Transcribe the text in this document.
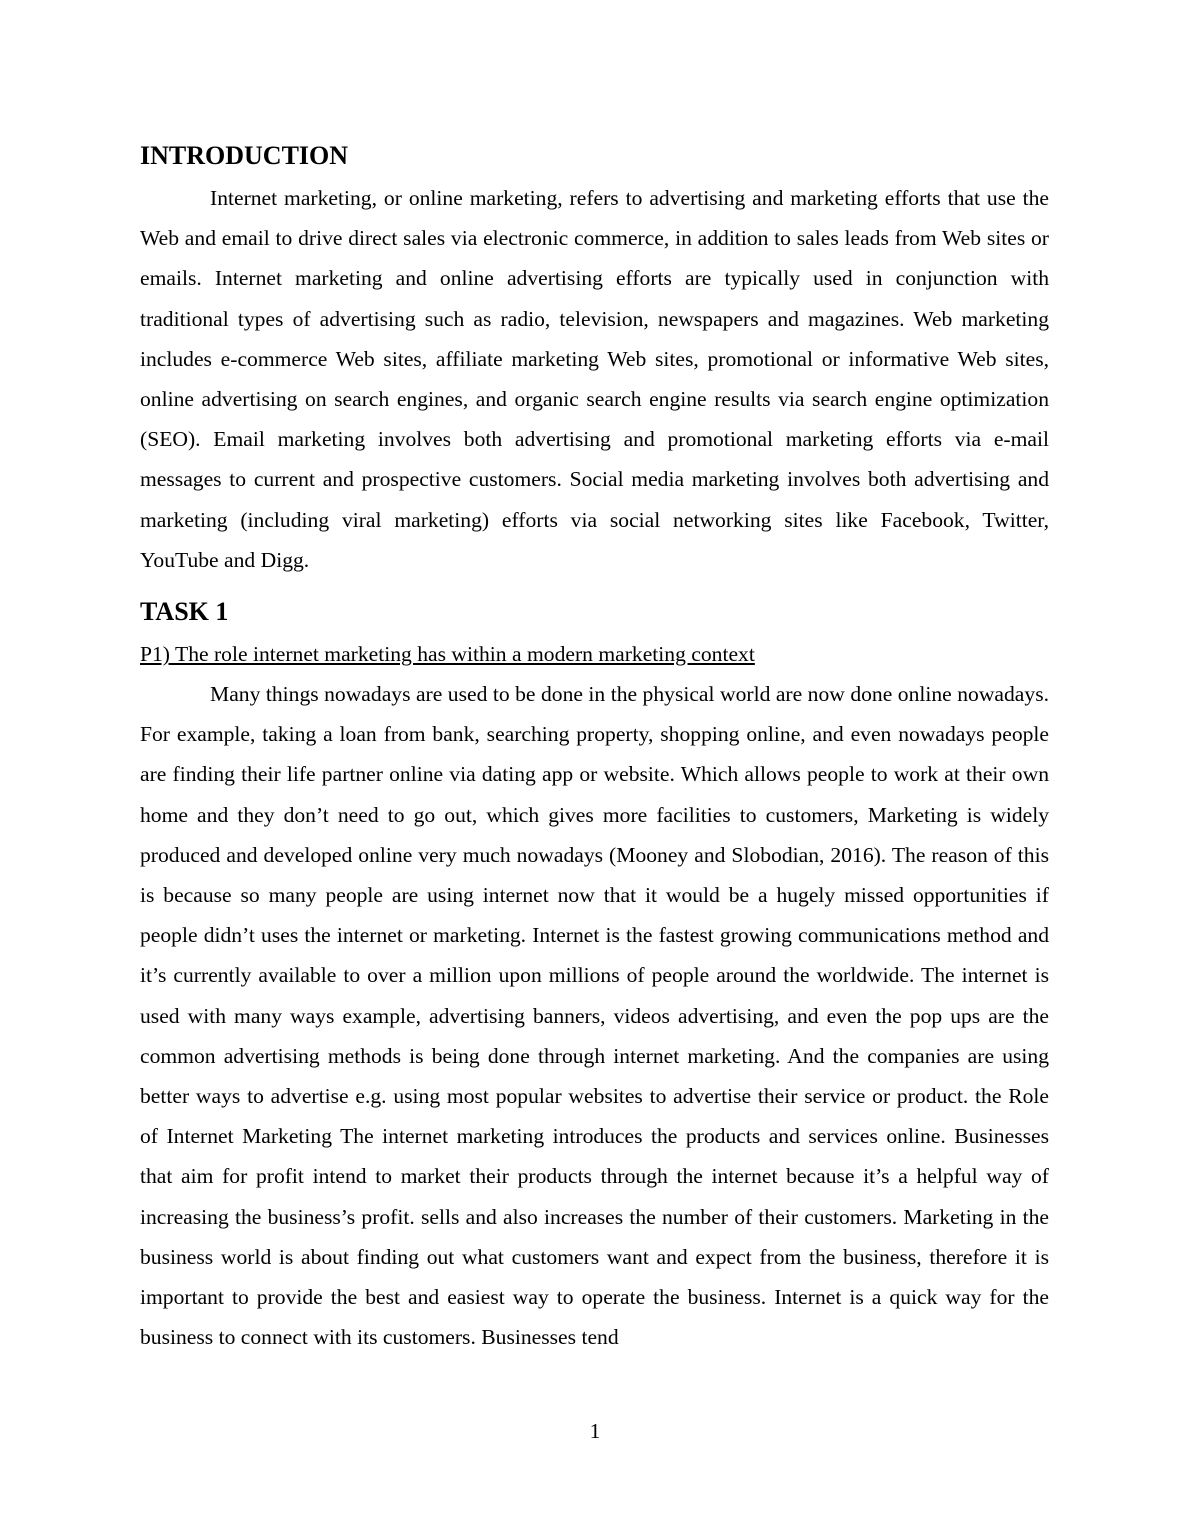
INTRODUCTION

Internet marketing, or online marketing, refers to advertising and marketing efforts that use the Web and email to drive direct sales via electronic commerce, in addition to sales leads from Web sites or emails. Internet marketing and online advertising efforts are typically used in conjunction with traditional types of advertising such as radio, television, newspapers and magazines. Web marketing includes e-commerce Web sites, affiliate marketing Web sites, promotional or informative Web sites, online advertising on search engines, and organic search engine results via search engine optimization (SEO). Email marketing involves both advertising and promotional marketing efforts via e-mail messages to current and prospective customers. Social media marketing involves both advertising and marketing (including viral marketing) efforts via social networking sites like Facebook, Twitter, YouTube and Digg.

TASK 1

P1) The role internet marketing has within a modern marketing context

Many things nowadays are used to be done in the physical world are now done online nowadays. For example, taking a loan from bank, searching property, shopping online, and even nowadays people are finding their life partner online via dating app or website. Which allows people to work at their own home and they don’t need to go out, which gives more facilities to customers, Marketing is widely produced and developed online very much nowadays (Mooney and Slobodian, 2016). The reason of this is because so many people are using internet now that it would be a hugely missed opportunities if people didn’t uses the internet or marketing. Internet is the fastest growing communications method and it’s currently available to over a million upon millions of people around the worldwide. The internet is used with many ways example, advertising banners, videos advertising, and even the pop ups are the common advertising methods is being done through internet marketing. And the companies are using better ways to advertise e.g. using most popular websites to advertise their service or product. the Role of Internet Marketing The internet marketing introduces the products and services online. Businesses that aim for profit intend to market their products through the internet because it’s a helpful way of increasing the business’s profit. sells and also increases the number of their customers. Marketing in the business world is about finding out what customers want and expect from the business, therefore it is important to provide the best and easiest way to operate the business. Internet is a quick way for the business to connect with its customers. Businesses tend

1
